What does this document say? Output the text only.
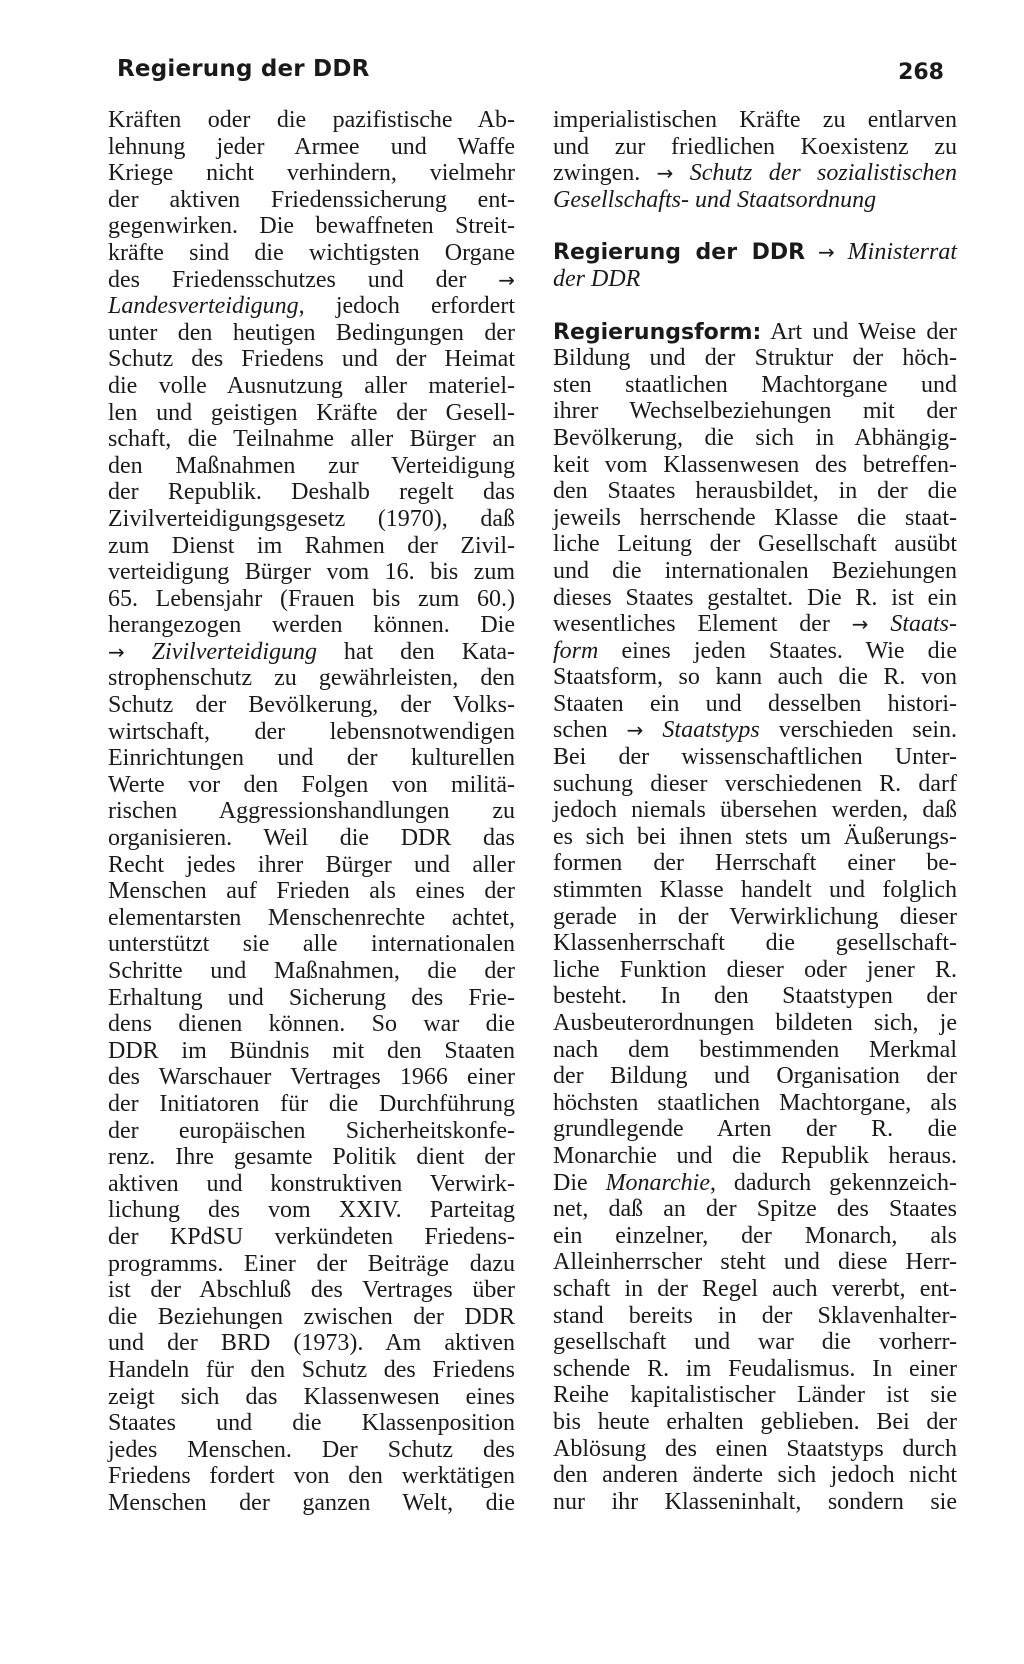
Regierung der DDR	268
Kräften oder die pazifistische Ab-
lehnung jeder Armee und Waffe
Kriege nicht verhindern, vielmehr
der aktiven Friedenssicherung ent-
gegenwirken. Die bewaffneten Streit-
kräfte sind die wichtigsten Organe
des Friedensschutzes und der →
Landesverteidigung, jedoch erfordert
unter den heutigen Bedingungen der
Schutz des Friedens und der Heimat
die volle Ausnutzung aller materiel-
len und geistigen Kräfte der Gesell-
schaft, die Teilnahme aller Bürger an
den Maßnahmen zur Verteidigung
der Republik. Deshalb regelt das
Zivilverteidigungsgesetz (1970), daß
zum Dienst im Rahmen der Zivil-
verteidigung Bürger vom 16. bis zum
65. Lebensjahr (Frauen bis zum 60.)
herangezogen werden können. Die
→ Zivilverteidigung hat den Kata-
strophenschutz zu gewährleisten, den
Schutz der Bevölkerung, der Volks-
wirtschaft, der lebensnotwendigen
Einrichtungen und der kulturellen
Werte vor den Folgen von militä-
rischen Aggressionshandlungen zu
organisieren. Weil die DDR das
Recht jedes ihrer Bürger und aller
Menschen auf Frieden als eines der
elementarsten Menschenrechte achtet,
unterstützt sie alle internationalen
Schritte und Maßnahmen, die der
Erhaltung und Sicherung des Frie-
dens dienen können. So war die
DDR im Bündnis mit den Staaten
des Warschauer Vertrages 1966 einer
der Initiatoren für die Durchführung
der europäischen Sicherheitskonfe-
renz. Ihre gesamte Politik dient der
aktiven und konstruktiven Verwirk-
lichung des vom XXIV. Parteitag
der KPdSU verkündeten Friedens-
programms. Einer der Beiträge dazu
ist der Abschluß des Vertrages über
die Beziehungen zwischen der DDR
und der BRD (1973). Am aktiven
Handeln für den Schutz des Friedens
zeigt sich das Klassenwesen eines
Staates und die Klassenposition
jedes Menschen. Der Schutz des
Friedens fordert von den werktätigen
Menschen der ganzen Welt, die
imperialistischen Kräfte zu entlarven
und zur friedlichen Koexistenz zu
zwingen. → Schutz der sozialistischen
Gesellschafts- und Staatsordnung
Regierung der DDR → Ministerrat
der DDR
Regierungsform: Art und Weise der
Bildung und der Struktur der höch-
sten staatlichen Machtorgane und
ihrer Wechselbeziehungen mit der
Bevölkerung, die sich in Abhängig-
keit vom Klassenwesen des betreffen-
den Staates herausbildet, in der die
jeweils herrschende Klasse die staat-
liche Leitung der Gesellschaft ausübt
und die internationalen Beziehungen
dieses Staates gestaltet. Die R. ist ein
wesentliches Element der → Staats-
form eines jeden Staates. Wie die
Staatsform, so kann auch die R. von
Staaten ein und desselben histori-
schen → Staatstyps verschieden sein.
Bei der wissenschaftlichen Unter-
suchung dieser verschiedenen R. darf
jedoch niemals übersehen werden, daß
es sich bei ihnen stets um Äußerungs-
formen der Herrschaft einer be-
stimmten Klasse handelt und folglich
gerade in der Verwirklichung dieser
Klassenherrschaft die gesellschaft-
liche Funktion dieser oder jener R.
besteht. In den Staatstypen der
Ausbeuterordnungen bildeten sich, je
nach dem bestimmenden Merkmal
der Bildung und Organisation der
höchsten staatlichen Machtorgane, als
grundlegende Arten der R. die
Monarchie und die Republik heraus.
Die Monarchie, dadurch gekennzeich-
net, daß an der Spitze des Staates
ein einzelner, der Monarch, als
Alleinherrscher steht und diese Herr-
schaft in der Regel auch vererbt, ent-
stand bereits in der Sklavenhalter-
gesellschaft und war die vorherr-
schende R. im Feudalismus. In einer
Reihe kapitalistischer Länder ist sie
bis heute erhalten geblieben. Bei der
Ablösung des einen Staatstyps durch
den anderen änderte sich jedoch nicht
nur ihr Klasseninhalt, sondern sie
